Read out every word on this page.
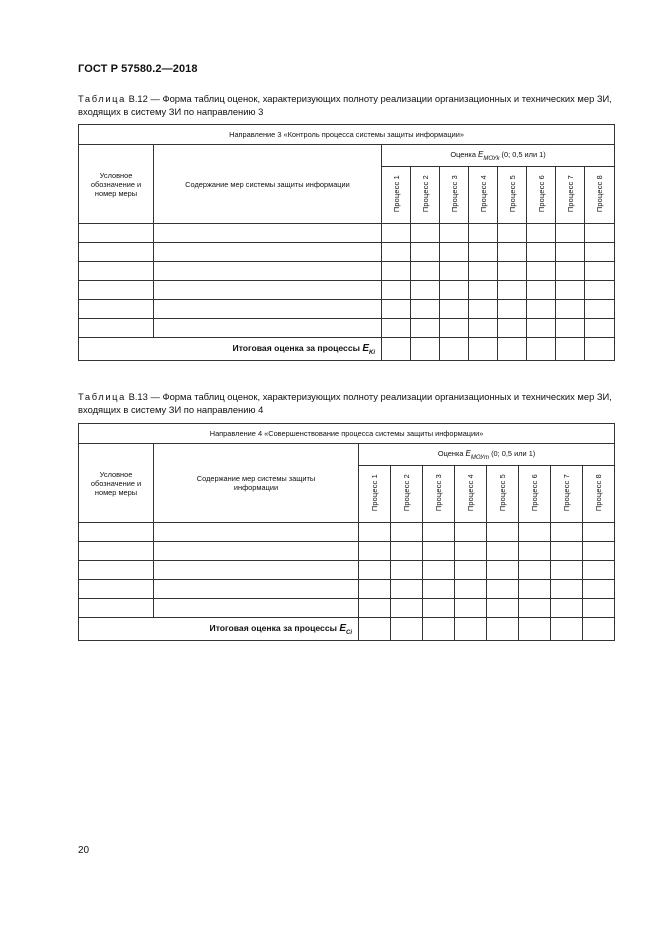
ГОСТ Р 57580.2—2018
Таблица В.12 — Форма таблиц оценок, характеризующих полноту реализации организационных и технических мер ЗИ, входящих в систему ЗИ по направлению 3
Направление 3 «Контроль процесса системы защиты информации»									
Условное обозначение и номер меры	Содержание мер системы защиты информации	Оценка $E_{МОУk}$ (0; 0,5 или 1)							
		Процесс 1	Процесс 2	Процесс 3	Процесс 4	Процесс 5	Процесс 6	Процесс 7	Процесс 8

Итоговая оценка за процессы $E_{Ki}$								
Таблица В.13 — Форма таблиц оценок, характеризующих полноту реализации организационных и технических мер ЗИ, входящих в систему ЗИ по направлению 4
Направление 4 «Совершенствование процесса системы защиты информации»									
Условное обозначение и номер меры	Содержание мер системы защиты информации	Оценка $E_{МОУm}$ (0; 0,5 или 1)							
		Процесс 1	Процесс 2	Процесс 3	Процесс 4	Процесс 5	Процесс 6	Процесс 7	Процесс 8

Итоговая оценка за процессы $E_{Ci}$								
20
